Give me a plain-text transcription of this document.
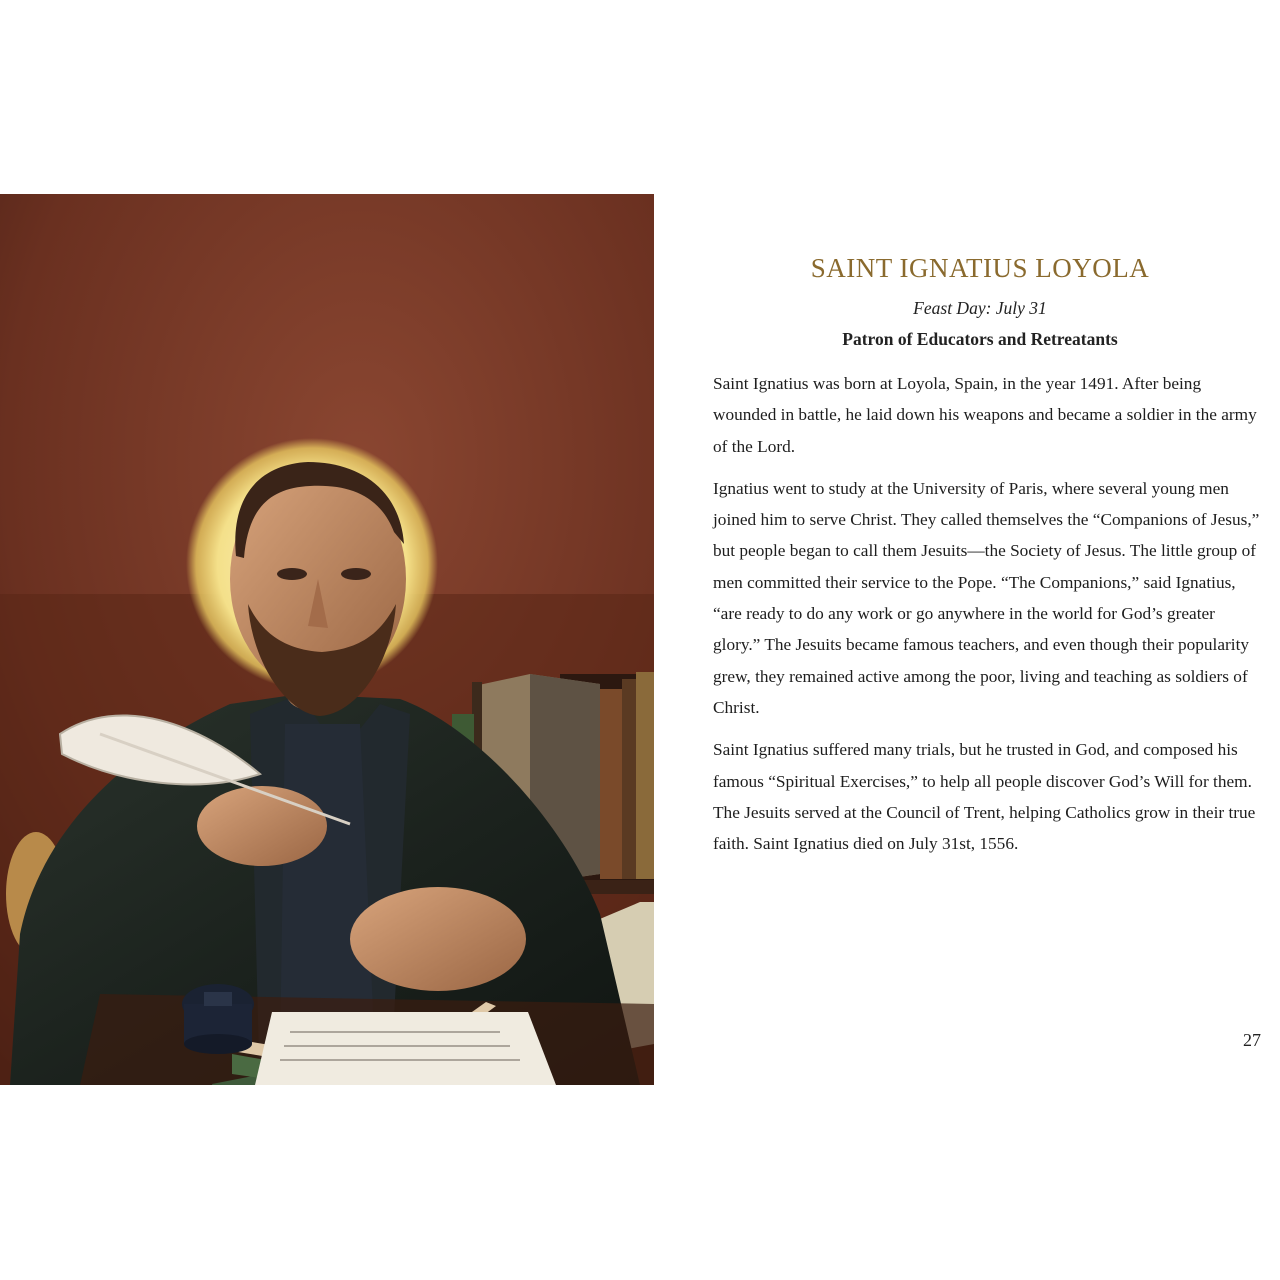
SAINT IGNATIUS LOYOLA
Feast Day: July 31
Patron of Educators and Retreatants

Saint Ignatius was born at Loyola, Spain, in the year 1491. After being wounded in battle, he laid down his weapons and became a soldier in the army of the Lord.

Ignatius went to study at the University of Paris, where several young men joined him to serve Christ. They called themselves the “Companions of Jesus,” but people began to call them Jesuits—the Society of Jesus. The little group of men committed their service to the Pope. “The Companions,” said Ignatius, “are ready to do any work or go anywhere in the world for God’s greater glory.” The Jesuits became famous teachers, and even though their popularity grew, they remained active among the poor, living and teaching as soldiers of Christ.

Saint Ignatius suffered many trials, but he trusted in God, and composed his famous “Spiritual Exercises,” to help all people discover God’s Will for them. The Jesuits served at the Council of Trent, helping Catholics grow in their true faith. Saint Ignatius died on July 31st, 1556.

27
